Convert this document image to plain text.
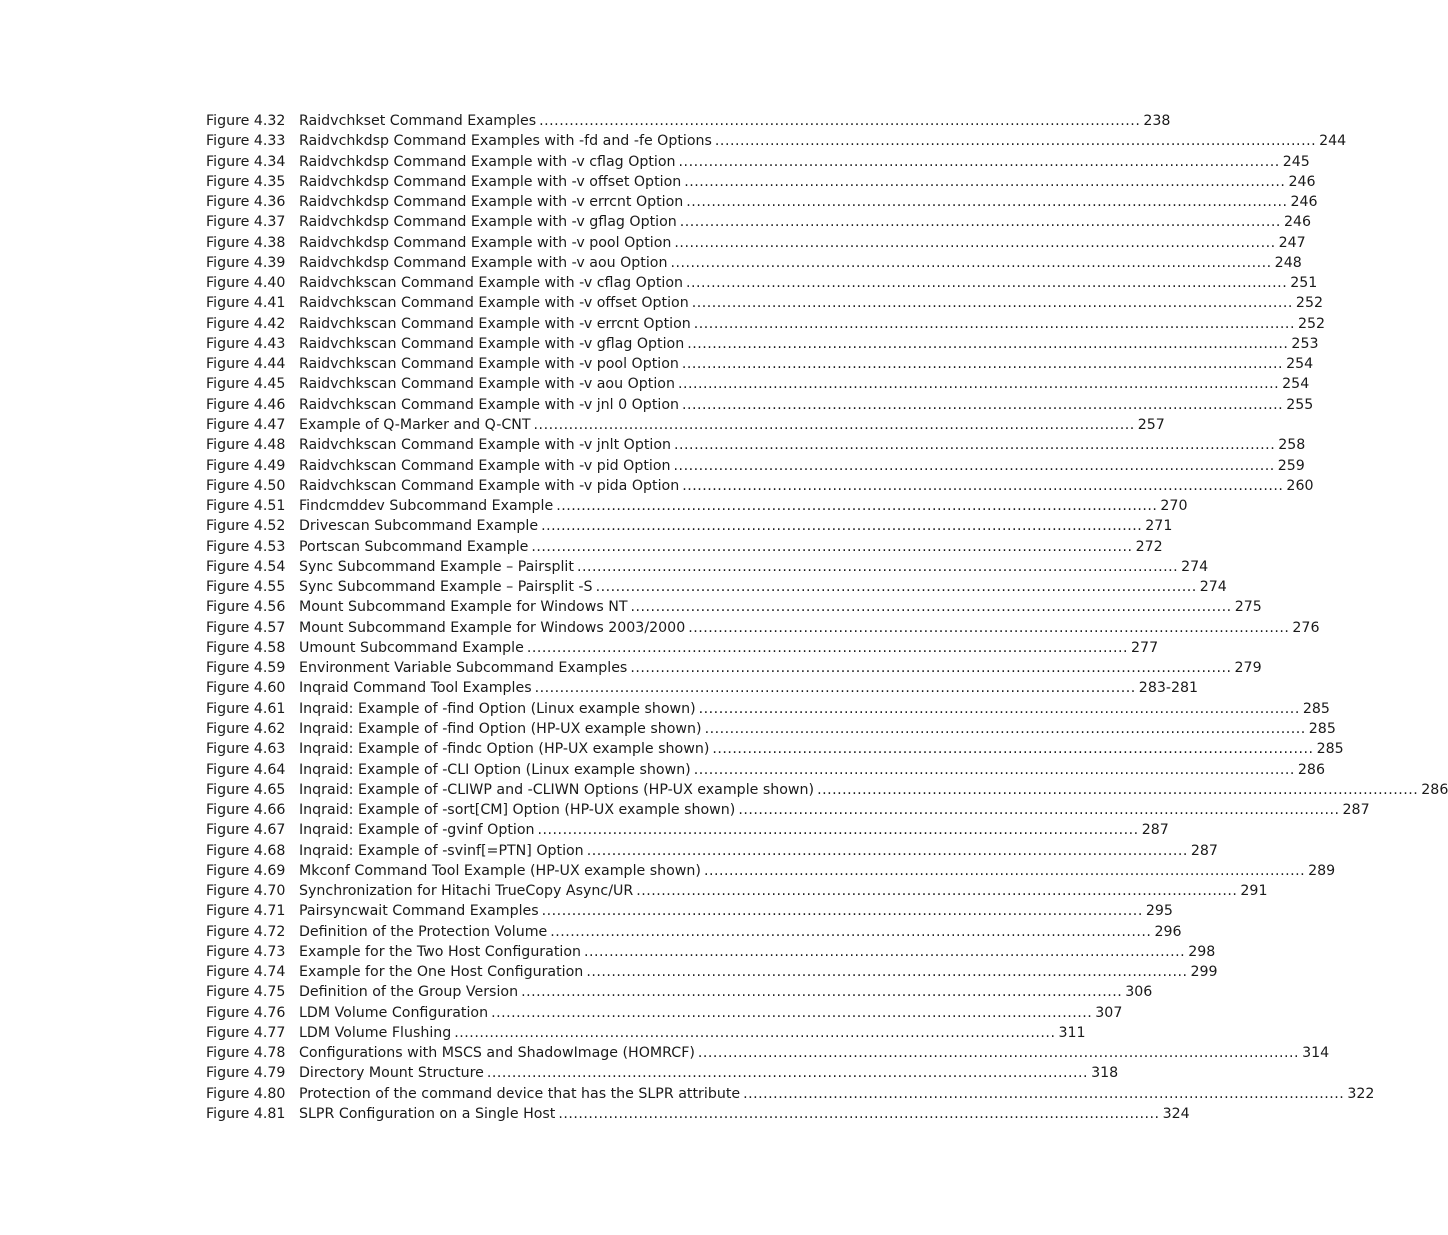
Figure 4.32 Raidvchkset Command Examples ........................................................................................................................ 238
Figure 4.33 Raidvchkdsp Command Examples with -fd and -fe Options ........................................................................................................................ 244
Figure 4.34 Raidvchkdsp Command Example with -v cflag Option ........................................................................................................................ 245
Figure 4.35 Raidvchkdsp Command Example with -v offset Option ........................................................................................................................ 246
Figure 4.36 Raidvchkdsp Command Example with -v errcnt Option ........................................................................................................................ 246
Figure 4.37 Raidvchkdsp Command Example with -v gflag Option ........................................................................................................................ 246
Figure 4.38 Raidvchkdsp Command Example with -v pool Option ........................................................................................................................ 247
Figure 4.39 Raidvchkdsp Command Example with -v aou Option ........................................................................................................................ 248
Figure 4.40 Raidvchkscan Command Example with -v cflag Option ........................................................................................................................ 251
Figure 4.41 Raidvchkscan Command Example with -v offset Option ........................................................................................................................ 252
Figure 4.42 Raidvchkscan Command Example with -v errcnt Option ........................................................................................................................ 252
Figure 4.43 Raidvchkscan Command Example with -v gflag Option ........................................................................................................................ 253
Figure 4.44 Raidvchkscan Command Example with -v pool Option ........................................................................................................................ 254
Figure 4.45 Raidvchkscan Command Example with -v aou Option ........................................................................................................................ 254
Figure 4.46 Raidvchkscan Command Example with -v jnl 0 Option ........................................................................................................................ 255
Figure 4.47 Example of Q-Marker and Q-CNT ........................................................................................................................ 257
Figure 4.48 Raidvchkscan Command Example with -v jnlt Option ........................................................................................................................ 258
Figure 4.49 Raidvchkscan Command Example with -v pid Option ........................................................................................................................ 259
Figure 4.50 Raidvchkscan Command Example with -v pida Option ........................................................................................................................ 260
Figure 4.51 Findcmddev Subcommand Example ........................................................................................................................ 270
Figure 4.52 Drivescan Subcommand Example ........................................................................................................................ 271
Figure 4.53 Portscan Subcommand Example ........................................................................................................................ 272
Figure 4.54 Sync Subcommand Example – Pairsplit ........................................................................................................................ 274
Figure 4.55 Sync Subcommand Example – Pairsplit -S ........................................................................................................................ 274
Figure 4.56 Mount Subcommand Example for Windows NT ........................................................................................................................ 275
Figure 4.57 Mount Subcommand Example for Windows 2003/2000 ........................................................................................................................ 276
Figure 4.58 Umount Subcommand Example ........................................................................................................................ 277
Figure 4.59 Environment Variable Subcommand Examples ........................................................................................................................ 279
Figure 4.60 Inqraid Command Tool Examples ........................................................................................................................ 283-281
Figure 4.61 Inqraid: Example of -find Option (Linux example shown) ........................................................................................................................ 285
Figure 4.62 Inqraid: Example of -find Option (HP-UX example shown) ........................................................................................................................ 285
Figure 4.63 Inqraid: Example of -findc Option (HP-UX example shown) ........................................................................................................................ 285
Figure 4.64 Inqraid: Example of -CLI Option (Linux example shown) ........................................................................................................................ 286
Figure 4.65 Inqraid: Example of -CLIWP and -CLIWN Options (HP-UX example shown) ........................................................................................................................ 286
Figure 4.66 Inqraid: Example of -sort[CM] Option (HP-UX example shown) ........................................................................................................................ 287
Figure 4.67 Inqraid: Example of -gvinf Option ........................................................................................................................ 287
Figure 4.68 Inqraid: Example of -svinf[=PTN] Option ........................................................................................................................ 287
Figure 4.69 Mkconf Command Tool Example (HP-UX example shown) ........................................................................................................................ 289
Figure 4.70 Synchronization for Hitachi TrueCopy Async/UR ........................................................................................................................ 291
Figure 4.71 Pairsyncwait Command Examples ........................................................................................................................ 295
Figure 4.72 Definition of the Protection Volume ........................................................................................................................ 296
Figure 4.73 Example for the Two Host Configuration ........................................................................................................................ 298
Figure 4.74 Example for the One Host Configuration ........................................................................................................................ 299
Figure 4.75 Definition of the Group Version ........................................................................................................................ 306
Figure 4.76 LDM Volume Configuration ........................................................................................................................ 307
Figure 4.77 LDM Volume Flushing ........................................................................................................................ 311
Figure 4.78 Configurations with MSCS and ShadowImage (HOMRCF) ........................................................................................................................ 314
Figure 4.79 Directory Mount Structure ........................................................................................................................ 318
Figure 4.80 Protection of the command device that has the SLPR attribute ........................................................................................................................ 322
Figure 4.81 SLPR Configuration on a Single Host ........................................................................................................................ 324
